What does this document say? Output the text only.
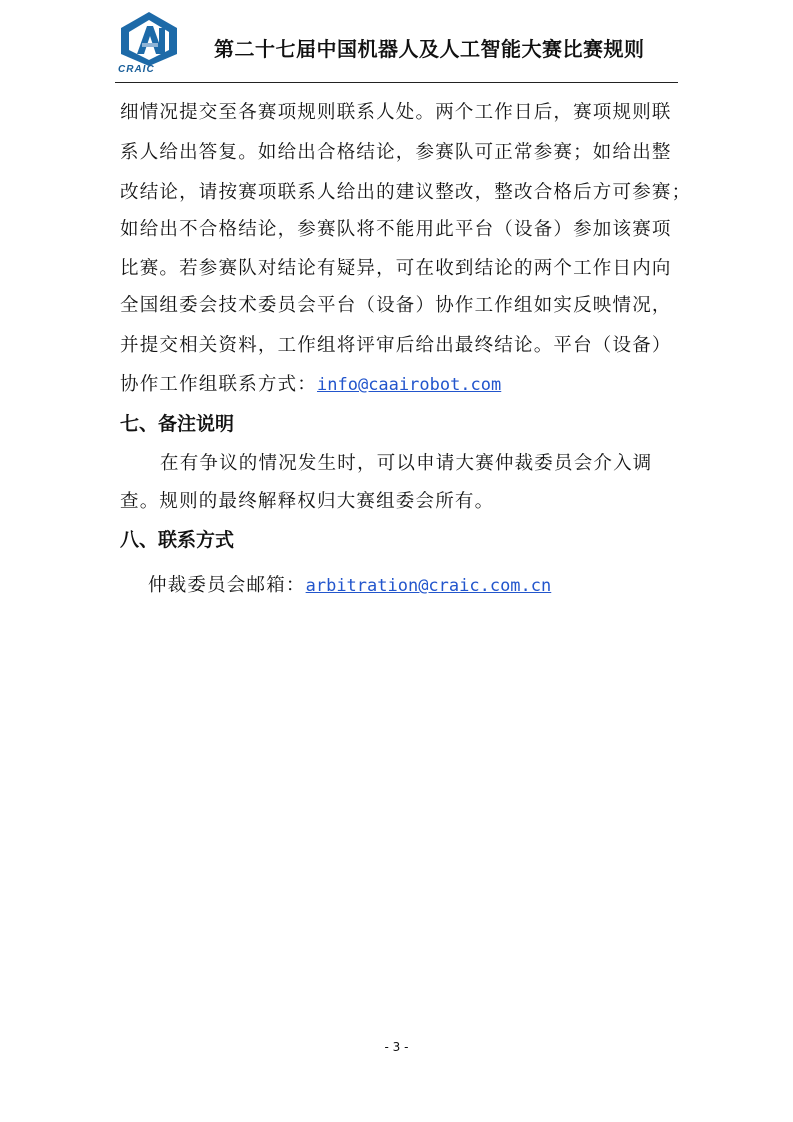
CRAIC
第二十七届中国机器人及人工智能大赛比赛规则
细情况提交至各赛项规则联系人处。两个工作日后，赛项规则联
系人给出答复。如给出合格结论，参赛队可正常参赛；如给出整
改结论，请按赛项联系人给出的建议整改，整改合格后方可参赛；
如给出不合格结论，参赛队将不能用此平台（设备）参加该赛项
比赛。若参赛队对结论有疑异，可在收到结论的两个工作日内向
全国组委会技术委员会平台（设备）协作工作组如实反映情况，
并提交相关资料，工作组将评审后给出最终结论。平台（设备）
协作工作组联系方式：info@caairobot.com
七、备注说明
在有争议的情况发生时，可以申请大赛仲裁委员会介入调
查。规则的最终解释权归大赛组委会所有。
八、联系方式
仲裁委员会邮箱：arbitration@craic.com.cn
- 3 -
